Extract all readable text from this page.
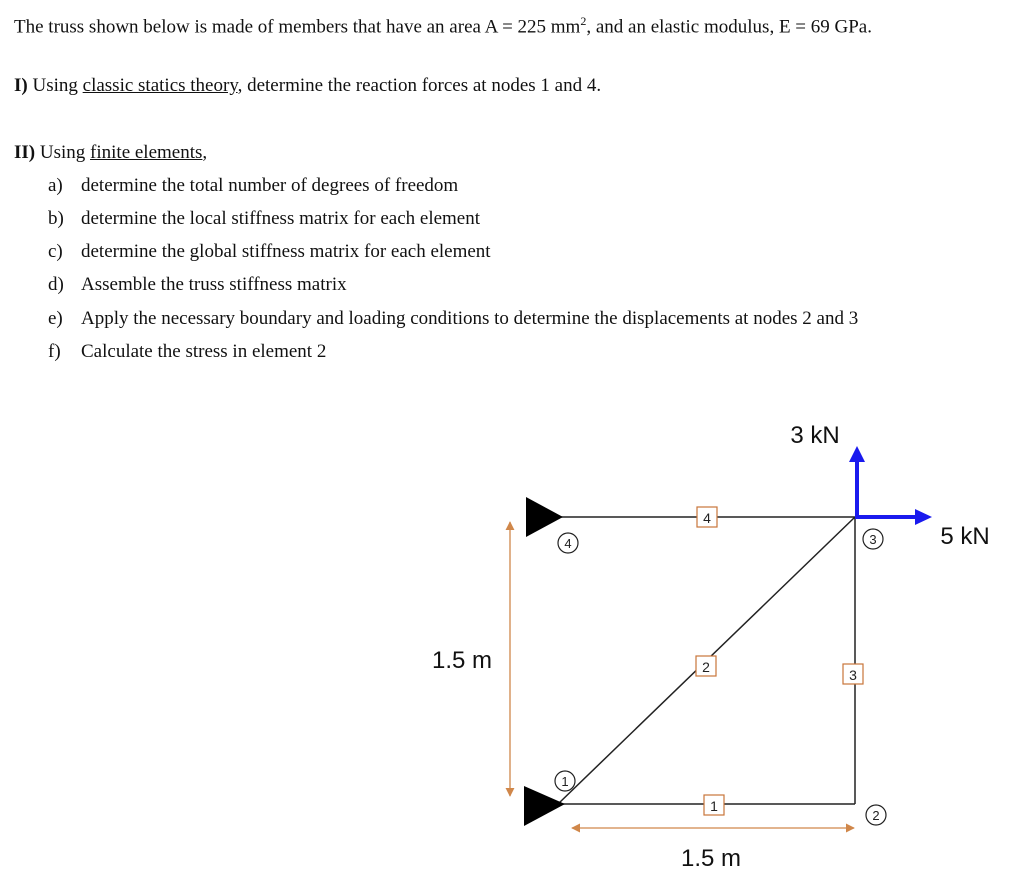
The truss shown below is made of members that have an area A = 225 $mm^2$, and an elastic modulus, E = 69 GPa.
I) Using classic statics theory, determine the reaction forces at nodes 1 and 4.
II) Using finite elements,
a) determine the total number of degrees of freedom
b) determine the local stiffness matrix for each element
c) determine the global stiffness matrix for each element
d) Assemble the truss stiffness matrix
e) Apply the necessary boundary and loading conditions to determine the displacements at nodes 2 and 3
f) Calculate the stress in element 2
4
2	3
1
4	3
1
2
3 kN
5 kN
1.5 m
1.5 m
